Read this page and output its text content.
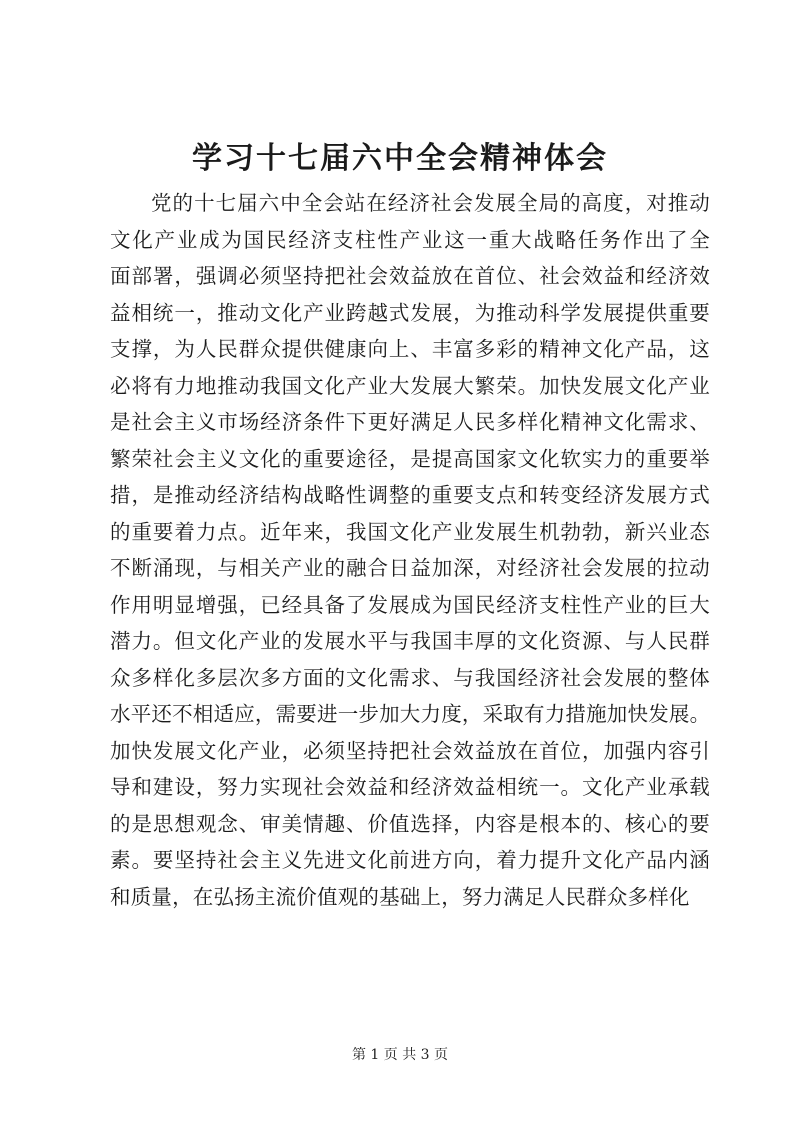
学习十七届六中全会精神体会
党的十七届六中全会站在经济社会发展全局的高度，对推动
文化产业成为国民经济支柱性产业这一重大战略任务作出了全
面部署，强调必须坚持把社会效益放在首位、社会效益和经济效
益相统一，推动文化产业跨越式发展，为推动科学发展提供重要
支撑，为人民群众提供健康向上、丰富多彩的精神文化产品，这
必将有力地推动我国文化产业大发展大繁荣。加快发展文化产业
是社会主义市场经济条件下更好满足人民多样化精神文化需求、
繁荣社会主义文化的重要途径，是提高国家文化软实力的重要举
措，是推动经济结构战略性调整的重要支点和转变经济发展方式
的重要着力点。近年来，我国文化产业发展生机勃勃，新兴业态
不断涌现，与相关产业的融合日益加深，对经济社会发展的拉动
作用明显增强，已经具备了发展成为国民经济支柱性产业的巨大
潜力。但文化产业的发展水平与我国丰厚的文化资源、与人民群
众多样化多层次多方面的文化需求、与我国经济社会发展的整体
水平还不相适应，需要进一步加大力度，采取有力措施加快发展。
加快发展文化产业，必须坚持把社会效益放在首位，加强内容引
导和建设，努力实现社会效益和经济效益相统一。文化产业承载
的是思想观念、审美情趣、价值选择，内容是根本的、核心的要
素。要坚持社会主义先进文化前进方向，着力提升文化产品内涵
和质量，在弘扬主流价值观的基础上，努力满足人民群众多样化
第 1 页 共 3 页
